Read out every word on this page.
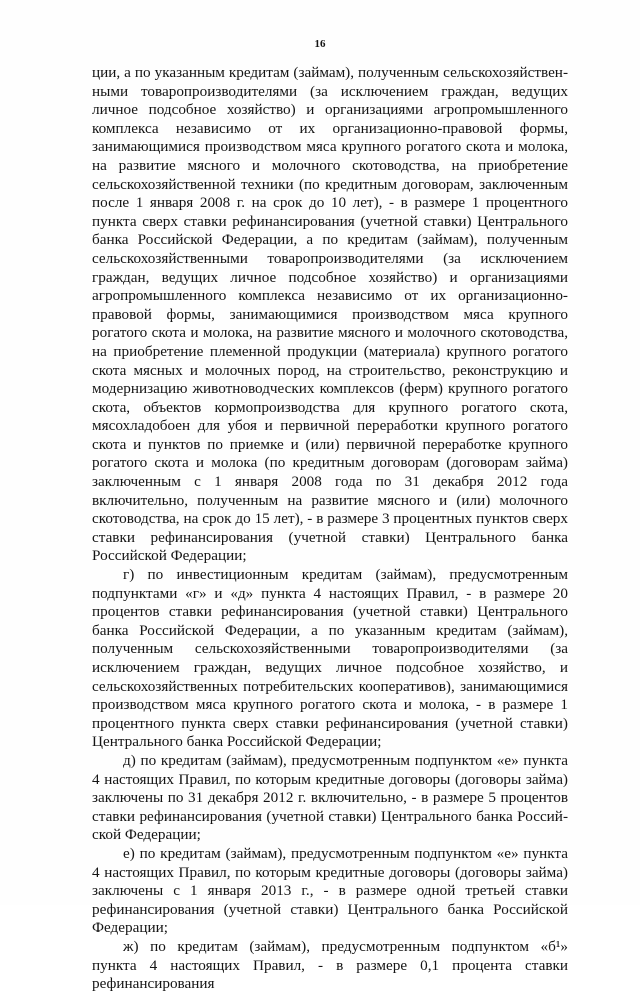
16

ции, а по указанным кредитам (займам), полученным сельскохозяйственными товаропроизводителями (за исключением граждан, ведущих личное подсобное хозяйство) и организациями агропромышленного комплекса независимо от их организационно-правовой формы, занимающимися производством мяса крупного рогатого скота и молока, на развитие мясного и молочного скотоводства, на приобретение сельскохозяйственной техники (по кредитным договорам, заключенным после 1 января 2008 г. на срок до 10 лет), - в размере 1 процентного пункта сверх ставки рефинансирования (учетной ставки) Центрального банка Российской Федерации, а по кредитам (займам), полученным сельскохозяйственными товаропроизводителями (за исключением граждан, ведущих личное подсобное хозяйство) и организациями агропромышленного комплекса независимо от их организационно-правовой формы, занимающимися производством мяса крупного рогатого скота и молока, на развитие мясного и молочного скотоводства, на приобретение племенной продукции (материала) крупного рогатого скота мясных и молочных пород, на строительство, реконструкцию и модернизацию животноводческих комплексов (ферм) крупного рогатого скота, объектов кормопроизводства для крупного рогатого скота, мясохладобоен для убоя и первичной переработки крупного рогатого скота и пунктов по приемке и (или) первичной переработке крупного рогатого скота и молока (по кредитным договорам (договорам займа) заключенным с 1 января 2008 года по 31 декабря 2012 года включительно, полученным на развитие мясного и (или) молочного скотоводства, на срок до 15 лет), - в размере 3 процентных пунктов сверх ставки рефинансирования (учетной ставки) Центрального банка Российской Федерации;

г) по инвестиционным кредитам (займам), предусмотренным подпунктами «г» и «д» пункта 4 настоящих Правил, - в размере 20 процентов ставки рефинансирования (учетной ставки) Центрального банка Российской Федерации, а по указанным кредитам (займам), полученным сельскохозяйственными товаропроизводителями (за исключением граждан, ведущих личное подсобное хозяйство, и сельскохозяйственных потребительских кооперативов), занимающимися производством мяса крупного рогатого скота и молока, - в размере 1 процентного пункта сверх ставки рефинансирования (учетной ставки) Центрального банка Российской Федерации;

д) по кредитам (займам), предусмотренным подпунктом «е» пункта 4 настоящих Правил, по которым кредитные договоры (договоры займа) заключены по 31 декабря 2012 г. включительно, - в размере 5 процентов ставки рефинансирования (учетной ставки) Центрального банка Российской Федерации;

е) по кредитам (займам), предусмотренным подпунктом «е» пункта 4 настоящих Правил, по которым кредитные договоры (договоры займа) заключены с 1 января 2013 г., - в размере одной третьей ставки рефинансирования (учетной ставки) Центрального банка Российской Федерации;

ж) по кредитам (займам), предусмотренным подпунктом «б¹» пункта 4 настоящих Правил, - в размере 0,1 процента ставки рефинансирования
